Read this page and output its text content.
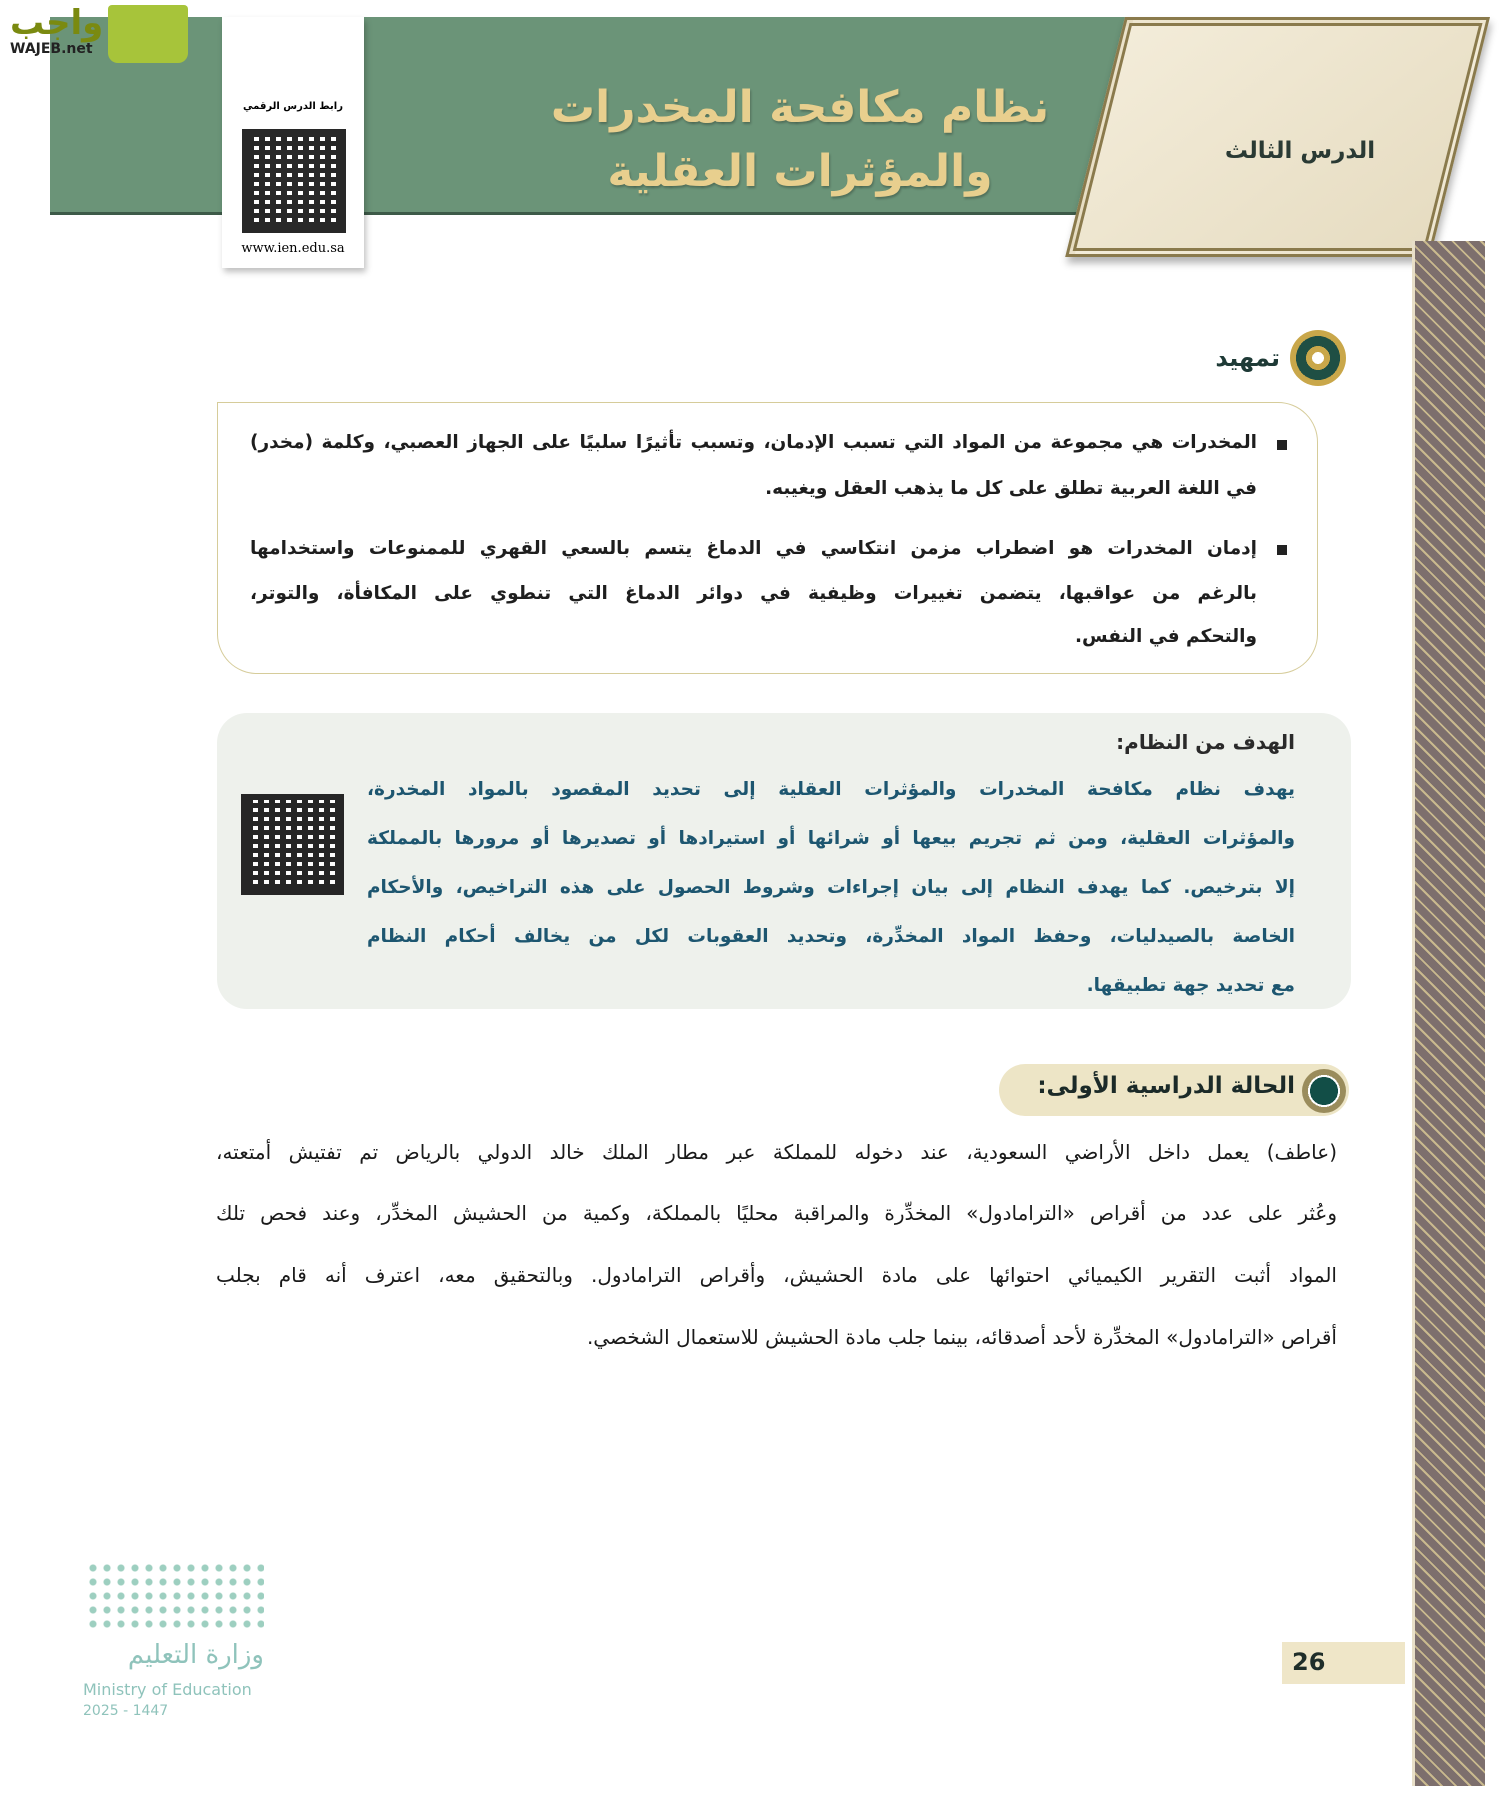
واجب
WAJEB.net
نظام مكافحة المخدرات
والمؤثرات العقلية
رابط الدرس الرقمي
www.ien.edu.sa
الدرس الثالث
تمهيد
المخدرات هي مجموعة من المواد التي تسبب الإدمان، وتسبب تأثيرًا سلبيًا على الجهاز العصبي، وكلمة (مخدر)
في اللغة العربية تطلق على كل ما يذهب العقل ويغيبه.
إدمان المخدرات هو اضطراب مزمن انتكاسي في الدماغ يتسم بالسعي القهري للممنوعات واستخدامها
بالرغم من عواقبها، يتضمن تغييرات وظيفية في دوائر الدماغ التي تنطوي على المكافأة، والتوتر،
والتحكم في النفس.
الهدف من النظام:
يهدف نظام مكافحة المخدرات والمؤثرات العقلية إلى تحديد المقصود بالمواد المخدرة،
والمؤثرات العقلية، ومن ثم تجريم بيعها أو شرائها أو استيرادها أو تصديرها أو مرورها بالمملكة
إلا بترخيص. كما يهدف النظام إلى بيان إجراءات وشروط الحصول على هذه التراخيص، والأحكام
الخاصة بالصيدليات، وحفظ المواد المخدِّرة، وتحديد العقوبات لكل من يخالف أحكام النظام
مع تحديد جهة تطبيقها.
الحالة الدراسية الأولى:
(عاطف) يعمل داخل الأراضي السعودية، عند دخوله للمملكة عبر مطار الملك خالد الدولي بالرياض تم تفتيش أمتعته،
وعُثر على عدد من أقراص «الترامادول» المخدِّرة والمراقبة محليًا بالمملكة، وكمية من الحشيش المخدِّر، وعند فحص تلك
المواد أثبت التقرير الكيميائي احتوائها على مادة الحشيش، وأقراص الترامادول. وبالتحقيق معه، اعترف أنه قام بجلب
أقراص «الترامادول» المخدِّرة لأحد أصدقائه، بينما جلب مادة الحشيش للاستعمال الشخصي.
وزارة التعليم
Ministry of Education
2025 - 1447
26
